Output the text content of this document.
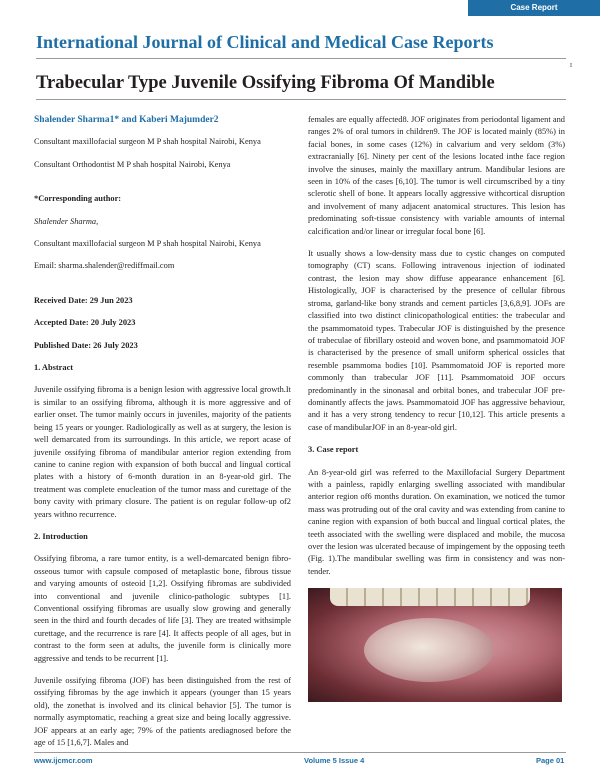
Case Report
International Journal of Clinical and Medical Case Reports
I
Trabecular Type Juvenile Ossifying Fibroma Of Mandible

Shalender Sharma1* and Kaberi Majumder2

Consultant maxillofacial surgeon M P shah hospital Nairobi, Kenya

Consultant Orthodontist M P shah hospital Nairobi, Kenya

*Corresponding author:

Shalender Sharma,

Consultant maxillofacial surgeon M P shah hospital Nairobi, Kenya

Email: sharma.shalender@rediffmail.com

Received Date: 29 Jun 2023

Accepted Date: 20 July 2023

Published Date: 26 July 2023

1. Abstract

Juvenile ossifying fibroma is a benign lesion with aggressive local growth.It is similar to an ossifying fibroma, although it is more aggressive and of earlier onset. The tumor mainly occurs in juveniles, majority of the patients being 15 years or younger. Radiologically as well as at surgery, the lesion is well demarcated from its surroundings. In this article, we report acase of juvenile ossifying fibroma of mandibular anterior region extending from canine to canine region with expansion of both buccal and lingual cortical plates with a history of 6-month duration in an 8-year-old girl. The treatment was complete enucleation of the tumor mass and curettage of the bony cavity with primary closure. The patient is on regular follow-up of2 years withno recurrence.

2. Introduction

Ossifying fibroma, a rare tumor entity, is a well-demarcated benign fibro-osseous tumor with capsule composed of metaplastic bone, fibrous tissue and varying amounts of osteoid [1,2]. Ossifying fibromas are subdivided into conventional and juvenile clinico-pathologic subtypes [1]. Conventional ossifying fibromas are usually slow growing and generally seen in the third and fourth decades of life [3]. They are treated withsimple curettage, and the recurrence is rare [4]. It affects people of all ages, but in contrast to the form seen at adults, the juvenile form is clinically more aggressive and tends to be recurrent [1].

Juvenile ossifying fibroma (JOF) has been distinguished from the rest of ossifying fibromas by the age inwhich it appears (younger than 15 years old), the zonethat is involved and its clinical behavior [5]. The tumor is normally asymptomatic, reaching a great size and being locally aggressive. JOF appears at an early age; 79% of the patients arediagnosed before the age of 15 [1,6,7]. Males and

females are equally affected8. JOF originates from periodontal ligament and ranges 2% of oral tumors in children9. The JOF is located mainly (85%) in facial bones, in some cases (12%) in calvarium and very seldom (3%) extracranially [6]. Ninety per cent of the lesions located inthe face region involve the sinuses, mainly the maxillary antrum. Mandibular lesions are seen in 10% of the cases [6,10]. The tumor is well circumscribed by a tiny sclerotic shell of bone. It appears locally aggressive withcortical disruption and involvement of many adjacent anatomical structures. This lesion has predominating soft-tissue consistency with variable amounts of internal calcification and/or linear or irregular focal bone [6].

It usually shows a low-density mass due to cystic changes on computed tomography (CT) scans. Following intravenous injection of iodinated contrast, the lesion may show diffuse appearance enhancement [6]. Histologically, JOF is characterised by the presence of cellular fibrous stroma, garland-like bony strands and cement particles [3,6,8,9]. JOFs are classified into two distinct clinicopathological entities: the trabecular and the psammomatoid types. Trabecular JOF is distinguished by the presence of trabeculae of fibrillary osteoid and woven bone, and psammomatoid JOF is characterised by the presence of small uniform spherical ossicles that resemble psammoma bodies [10]. Psammomatoid JOF is reported more commonly than trabecular JOF [11]. Psammomatoid JOF occurs predominantly in the sinonasal and orbital bones, and trabecular JOF pre- dominantly affects the jaws. Psammomatoid JOF has aggressive behaviour, and it has a very strong tendency to recur [10,12]. This article presents a case of mandibularJOF in an 8-year-old girl.

3. Case report

An 8-year-old girl was referred to the Maxillofacial Surgery Department with a painless, rapidly enlarging swelling associated with mandibular anterior region of6 months duration. On examination, we noticed the tumor mass was protruding out of the oral cavity and was extending from canine to canine region with expansion of both buccal and lingual cortical plates, the teeth associated with the swelling were displaced and mobile, the mucosa over the lesion was ulcerated because of impingement by the opposing teeth (Fig. 1).The mandibular swelling was firm in consistency and was non-tender.

www.ijcmcr.com	Volume 5 Issue 4	Page 01
